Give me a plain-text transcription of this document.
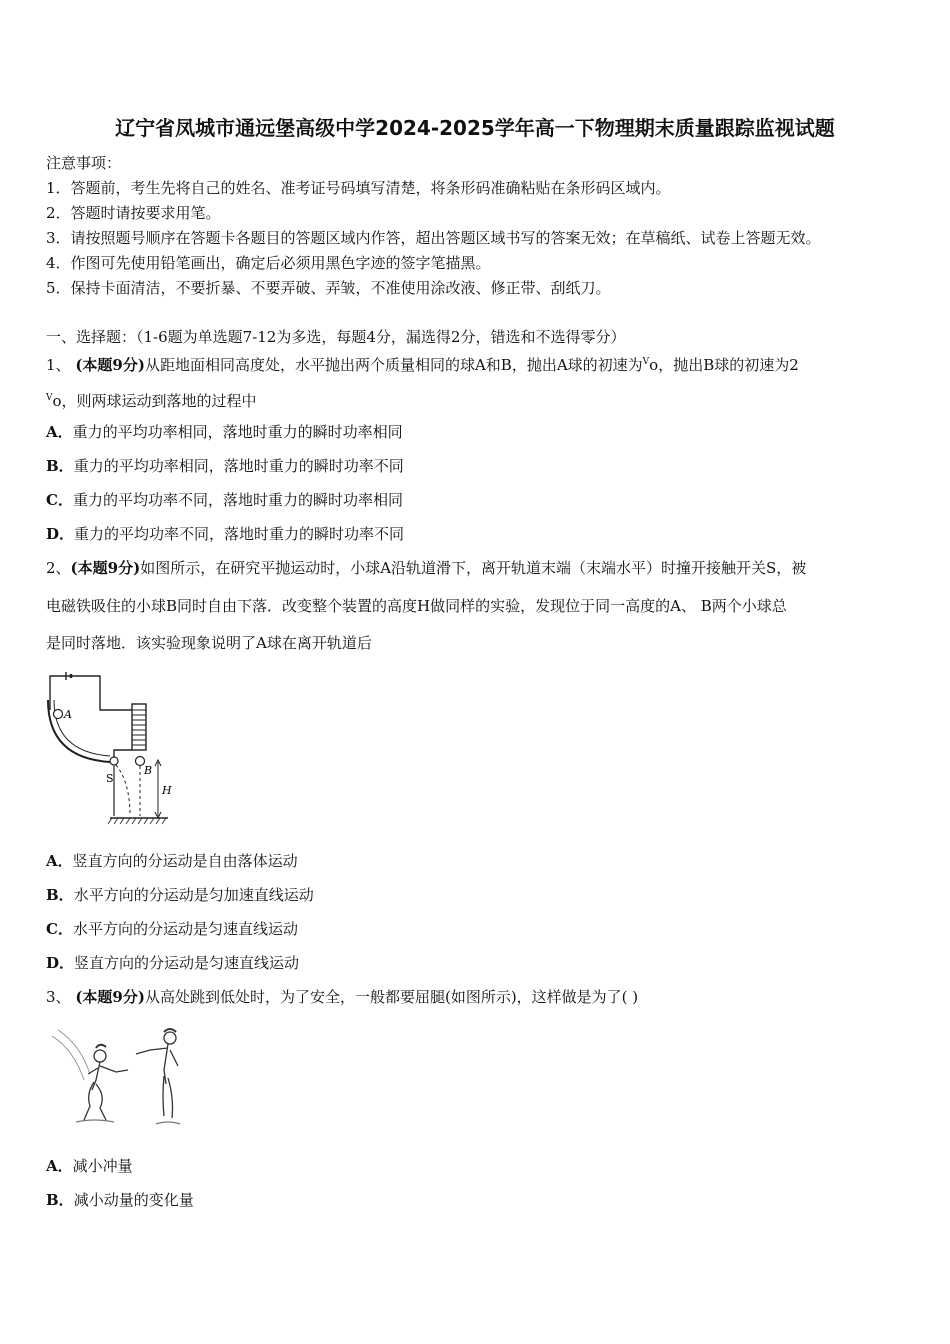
辽宁省凤城市通远堡高级中学2024-2025学年高一下物理期末质量跟踪监视试题
注意事项：
1．答题前，考生先将自己的姓名、准考证号码填写清楚，将条形码准确粘贴在条形码区域内。
2．答题时请按要求用笔。
3．请按照题号顺序在答题卡各题目的答题区域内作答，超出答题区域书写的答案无效；在草稿纸、试卷上答题无效。
4．作图可先使用铅笔画出，确定后必须用黑色字迹的签字笔描黑。
5．保持卡面清洁，不要折暴、不要弄破、弄皱，不准使用涂改液、修正带、刮纸刀。
一、选择题：（1-6题为单选题7-12为多选，每题4分，漏选得2分，错选和不选得零分）
1、 (本题9分)从距地面相同高度处，水平抛出两个质量相同的球A和B，抛出A球的初速为$^V$o，抛出B球的初速为2
$^V$o，则两球运动到落地的过程中
A．重力的平均功率相同，落地时重力的瞬时功率相同
B．重力的平均功率相同，落地时重力的瞬时功率不同
C．重力的平均功率不同，落地时重力的瞬时功率相同
D．重力的平均功率不同，落地时重力的瞬时功率不同
2、(本题9分)如图所示，在研究平抛运动时，小球A沿轨道滑下，离开轨道末端（末端水平）时撞开接触开关S，被
电磁铁吸住的小球B同时自由下落．改变整个装置的高度H做同样的实验，发现位于同一高度的A、 B两个小球总
是同时落地．该实验现象说明了A球在离开轨道后
A
S
B
H
A．竖直方向的分运动是自由落体运动
B．水平方向的分运动是匀加速直线运动
C．水平方向的分运动是匀速直线运动
D．竖直方向的分运动是匀速直线运动
3、 (本题9分)从高处跳到低处时，为了安全，一般都要屈腿(如图所示)，这样做是为了( )
A．减小冲量
B．减小动量的变化量
